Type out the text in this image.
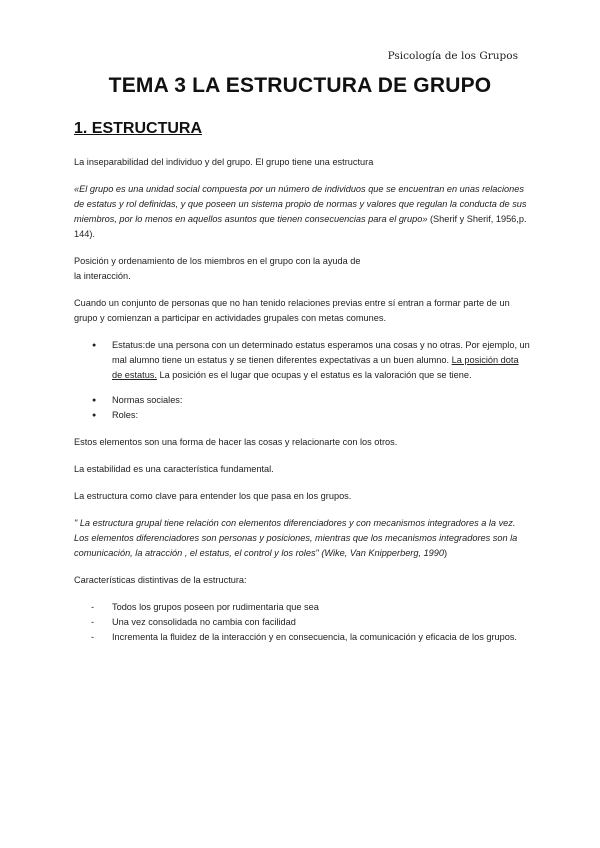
Psicología de los Grupos
TEMA 3 LA ESTRUCTURA DE GRUPO
1. ESTRUCTURA

La inseparabilidad del individuo y del grupo. El grupo tiene una estructura

«El grupo es una unidad social compuesta por un número de individuos que se encuentran en unas relaciones de estatus y rol definidas, y que poseen un sistema propio de normas y valores que regulan la conducta de sus miembros, por lo menos en aquellos asuntos que tienen consecuencias para el grupo» (Sherif y Sherif, 1956,p. 144).

Posición y ordenamiento de los miembros en el grupo con la ayuda de
la interacción.

Cuando un conjunto de personas que no han tenido relaciones previas entre sí entran a formar parte de un grupo y comienzan a participar en actividades grupales con metas comunes.

● Estatus:de una persona con un determinado estatus esperamos una cosas y no otras. Por ejemplo, un mal alumno tiene un estatus y se tienen diferentes expectativas a un buen alumno. La posición dota de estatus. La posición es el lugar que ocupas y el estatus es la valoración que se tiene.
● Normas sociales:
● Roles:

Estos elementos son una forma de hacer las cosas y relacionarte con los otros.

La estabilidad es una característica fundamental.

La estructura como clave para entender los que pasa en los grupos.

" La estructura grupal tiene relación con elementos diferenciadores y con mecanismos integradores a la vez. Los elementos diferenciadores son personas y posiciones, mientras que los mecanismos integradores son la comunicación, la atracción , el estatus, el control y los roles" (Wike, Van Knipperberg, 1990)

Características distintivas de la estructura:

- Todos los grupos poseen por rudimentaria que sea
- Una vez consolidada no cambia con facilidad
- Incrementa la fluidez de la interacción y en consecuencia, la comunicación y eficacia de los grupos.
